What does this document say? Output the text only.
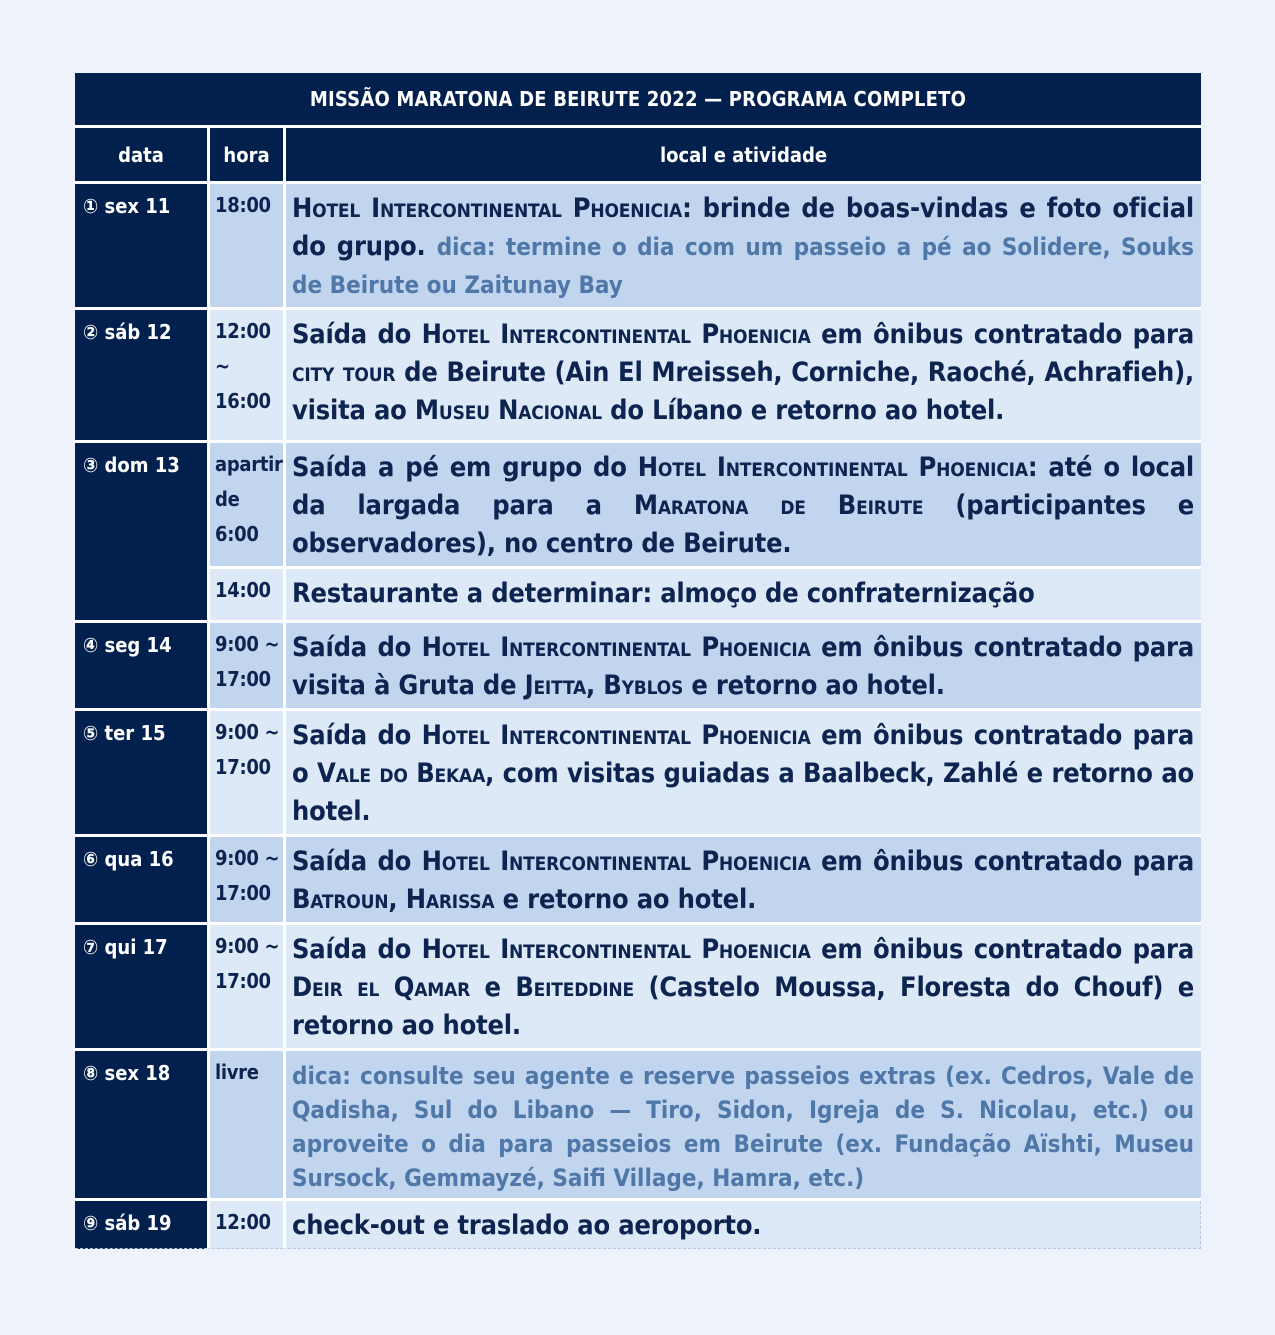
MISSÃO MARATONA DE BEIRUTE 2022 — PROGRAMA COMPLETO		
data	hora	local e atividade
① sex 11	18:00	Hotel Intercontinental Phoenicia: brinde de boas-vindas e foto oficial do grupo. dica: termine o dia com um passeio a pé ao Solidere, Souks de Beirute ou Zaitunay Bay
② sáb 12	12:00 ~ 16:00	Saída do Hotel Intercontinental Phoenicia em ônibus contratado para city tour de Beirute (Ain El Mreisseh, Corniche, Raoché, Achrafieh), visita ao Museu Nacional do Líbano e retorno ao hotel.
③ dom 13	apartir de 6:00	Saída a pé em grupo do Hotel Intercontinental Phoenicia: até o local da largada para a Maratona de Beirute (participantes e observadores), no centro de Beirute.
	14:00	Restaurante a determinar: almoço de confraternização
④ seg 14	9:00 ~ 17:00	Saída do Hotel Intercontinental Phoenicia em ônibus contratado para visita à Gruta de Jeitta, Byblos e retorno ao hotel.
⑤ ter 15	9:00 ~ 17:00	Saída do Hotel Intercontinental Phoenicia em ônibus contratado para o Vale do Bekaa, com visitas guiadas a Baalbeck, Zahlé e retorno ao hotel.
⑥ qua 16	9:00 ~ 17:00	Saída do Hotel Intercontinental Phoenicia em ônibus contratado para Batroun, Harissa e retorno ao hotel.
⑦ qui 17	9:00 ~ 17:00	Saída do Hotel Intercontinental Phoenicia em ônibus contratado para Deir el Qamar e Beiteddine (Castelo Moussa, Floresta do Chouf) e retorno ao hotel.
⑧ sex 18	livre	dica: consulte seu agente e reserve passeios extras (ex. Cedros, Vale de Qadisha, Sul do Libano — Tiro, Sidon, Igreja de S. Nicolau, etc.) ou aproveite o dia para passeios em Beirute (ex. Fundação Aïshti, Museu Sursock, Gemmayzé, Saifi Village, Hamra, etc.)
⑨ sáb 19	12:00	check-out e traslado ao aeroporto.
